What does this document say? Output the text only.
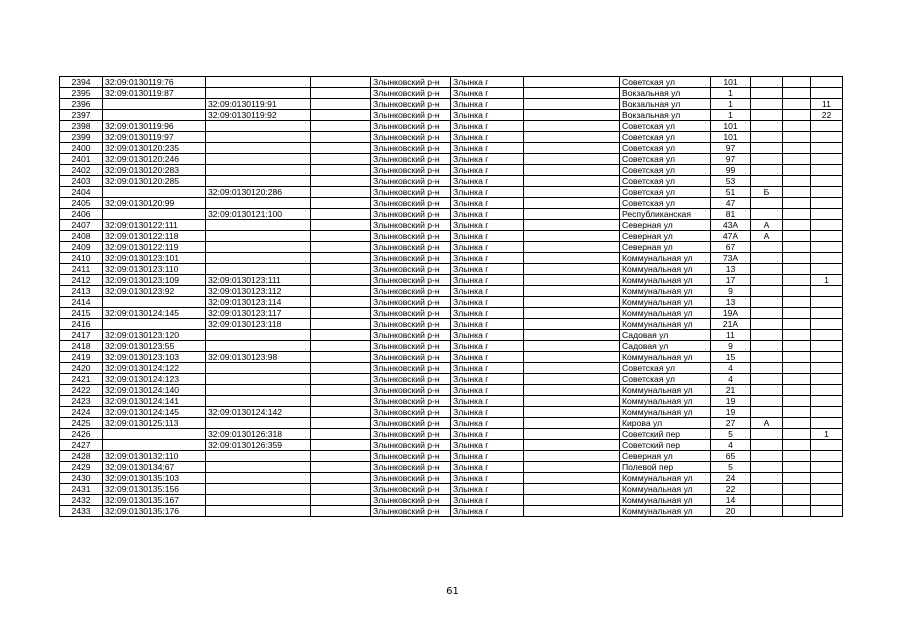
2394	32:09:0130119:76			Злынковский р-н	Злынка г		Советская ул	101			
2395	32:09:0130119:87			Злынковский р-н	Злынка г		Вокзальная ул	1			
2396		32:09:0130119:91		Злынковский р-н	Злынка г		Вокзальная ул	1			11
2397		32:09:0130119:92		Злынковский р-н	Злынка г		Вокзальная ул	1			22
2398	32:09:0130119:96			Злынковский р-н	Злынка г		Советская ул	101			
2399	32:09:0130119:97			Злынковский р-н	Злынка г		Советская ул	101			
2400	32:09:0130120:235			Злынковский р-н	Злынка г		Советская ул	97			
2401	32:09:0130120:246			Злынковский р-н	Злынка г		Советская ул	97			
2402	32:09:0130120:283			Злынковский р-н	Злынка г		Советская ул	99			
2403	32:09:0130120:285			Злынковский р-н	Злынка г		Советская ул	53			
2404		32:09:0130120:286		Злынковский р-н	Злынка г		Советская ул	51	Б		
2405	32:09:0130120:99			Злынковский р-н	Злынка г		Советская ул	47			
2406		32:09:0130121:100		Злынковский р-н	Злынка г		Республиканская	81			
2407	32:09:0130122:111			Злынковский р-н	Злынка г		Северная ул	43А	А		
2408	32:09:0130122:118			Злынковский р-н	Злынка г		Северная ул	47А	А		
2409	32:09:0130122:119			Злынковский р-н	Злынка г		Северная ул	67			
2410	32:09:0130123:101			Злынковский р-н	Злынка г		Коммунальная ул	73А			
2411	32:09:0130123:110			Злынковский р-н	Злынка г		Коммунальная ул	13			
2412	32:09:0130123:109	32:09:0130123:111		Злынковский р-н	Злынка г		Коммунальная ул	17			1
2413	32:09:0130123:92	32:09:0130123:112		Злынковский р-н	Злынка г		Коммунальная ул	9			
2414		32:09:0130123:114		Злынковский р-н	Злынка г		Коммунальная ул	13			
2415	32:09:0130124:145	32:09:0130123:117		Злынковский р-н	Злынка г		Коммунальная ул	19А			
2416		32:09:0130123:118		Злынковский р-н	Злынка г		Коммунальная ул	21А			
2417	32:09:0130123:120			Злынковский р-н	Злынка г		Садовая ул	11			
2418	32:09:0130123:55			Злынковский р-н	Злынка г		Садовая ул	9			
2419	32:09:0130123:103	32:09:0130123:98		Злынковский р-н	Злынка г		Коммунальная ул	15			
2420	32:09:0130124:122			Злынковский р-н	Злынка г		Советская ул	4			
2421	32:09:0130124:123			Злынковский р-н	Злынка г		Советская ул	4			
2422	32:09:0130124:140			Злынковский р-н	Злынка г		Коммунальная ул	21			
2423	32:09:0130124:141			Злынковский р-н	Злынка г		Коммунальная ул	19			
2424	32:09:0130124:145	32:09:0130124:142		Злынковский р-н	Злынка г		Коммунальная ул	19			
2425	32:09:0130125:113			Злынковский р-н	Злынка г		Кирова ул	27	А		
2426		32:09:0130126:318		Злынковский р-н	Злынка г		Советский пер	5			1
2427		32:09:0130126:359		Злынковский р-н	Злынка г		Советский пер	4			
2428	32:09:0130132:110			Злынковский р-н	Злынка г		Северная ул	65			
2429	32:09:0130134:67			Злынковский р-н	Злынка г		Полевой пер	5			
2430	32:09:0130135:103			Злынковский р-н	Злынка г		Коммунальная ул	24			
2431	32:09:0130135:156			Злынковский р-н	Злынка г		Коммунальная ул	22			
2432	32:09:0130135:167			Злынковский р-н	Злынка г		Коммунальная ул	14			
2433	32:09:0130135:176			Злынковский р-н	Злынка г		Коммунальная ул	20			
61
